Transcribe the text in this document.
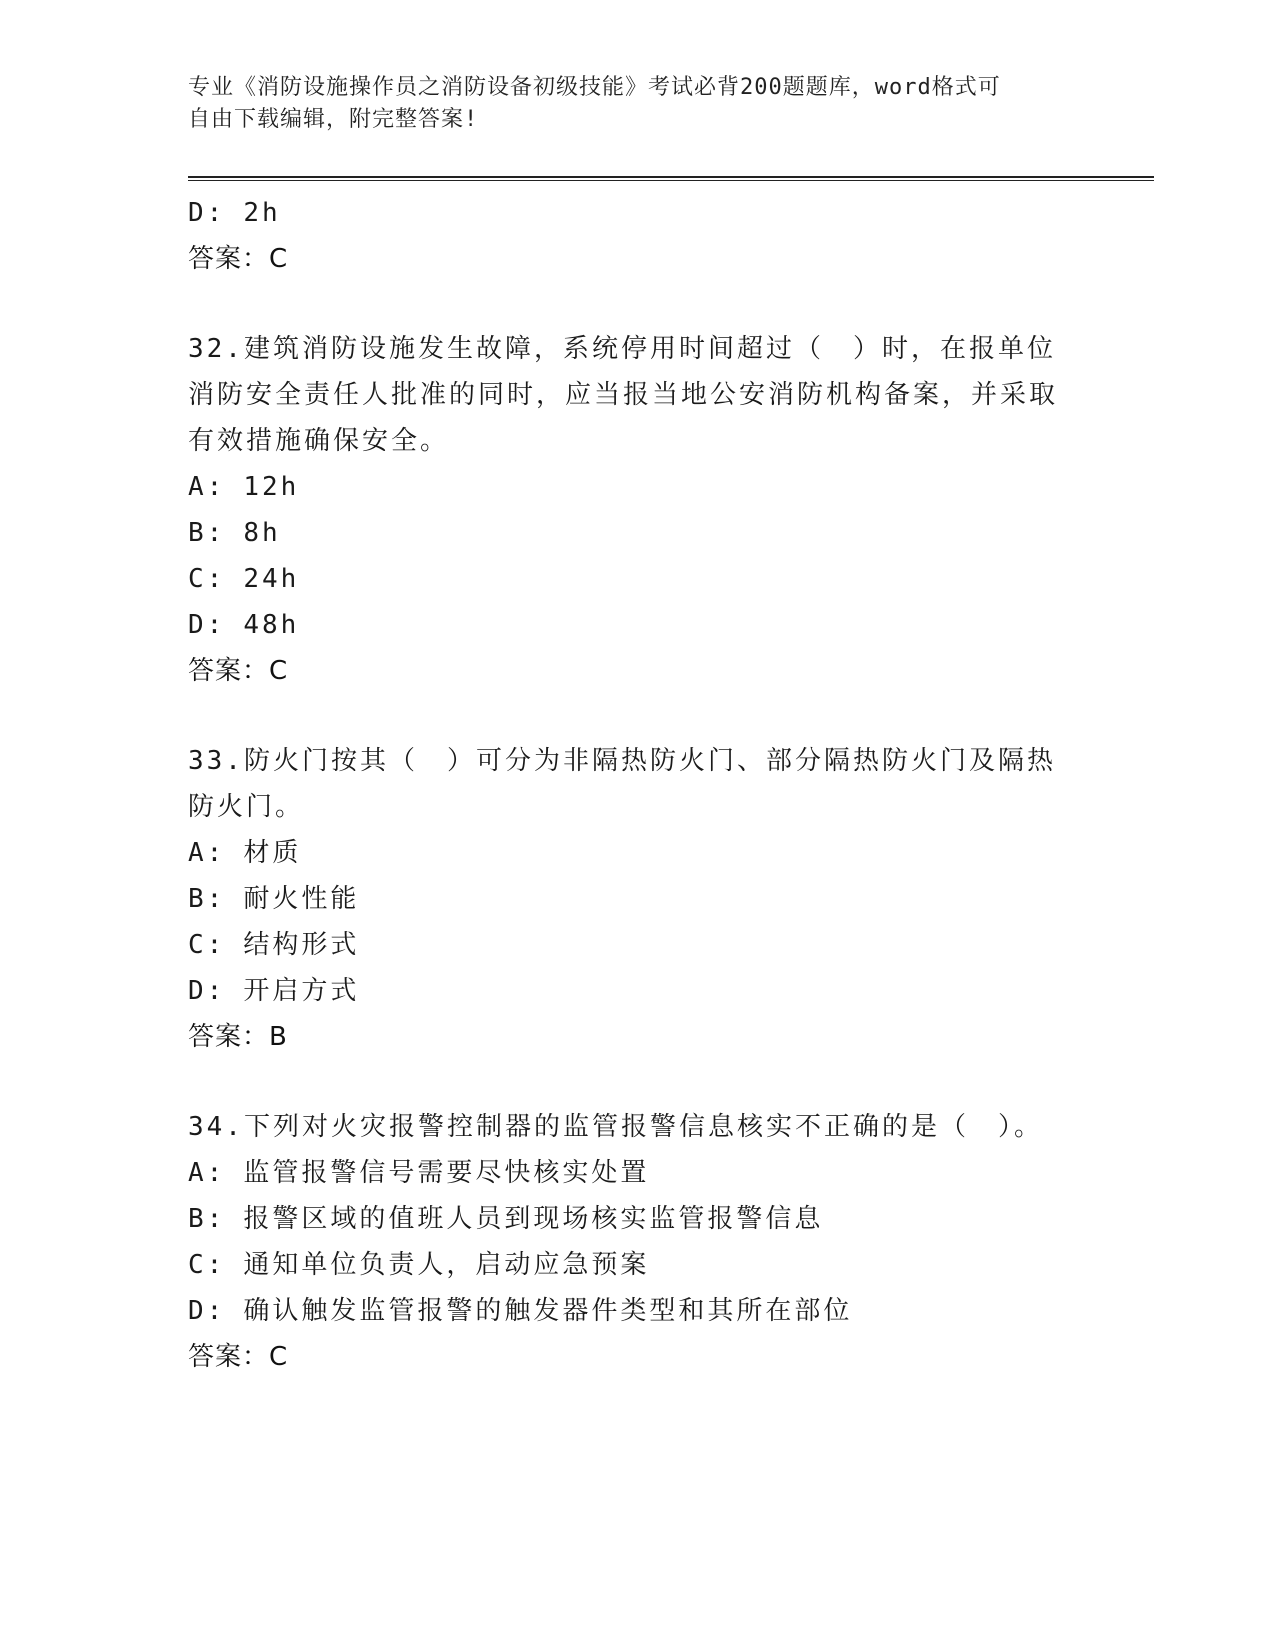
专业《消防设施操作员之消防设备初级技能》考试必背200题题库，word格式可
自由下载编辑，附完整答案!
D: 2h
答案：C
32.建筑消防设施发生故障，系统停用时间超过（　）时，在报单位消防安全责任人批准的同时，应当报当地公安消防机构备案，并采取有效措施确保安全。
A: 12h
B: 8h
C: 24h
D: 48h
答案：C
33.防火门按其（　）可分为非隔热防火门、部分隔热防火门及隔热防火门。
A: 材质
B: 耐火性能
C: 结构形式
D: 开启方式
答案：B
34.下列对火灾报警控制器的监管报警信息核实不正确的是（　）。
A: 监管报警信号需要尽快核实处置
B: 报警区域的值班人员到现场核实监管报警信息
C: 通知单位负责人，启动应急预案
D: 确认触发监管报警的触发器件类型和其所在部位
答案：C
